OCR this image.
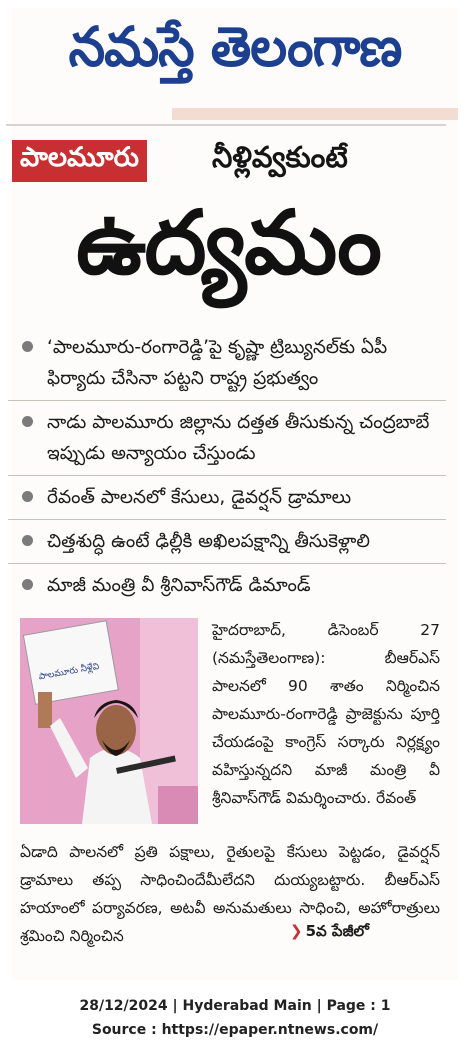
నమస్తే తెలంగాణ
పాలమూరు	నీళ్లివ్వకుంటే
ఉద్యమం
‘పాలమూరు-రంగారెడ్డి’పై కృష్ణా ట్రిబ్యునల్‌కు ఏపీ ఫిర్యాదు చేసినా పట్టని రాష్ట్ర ప్రభుత్వం
నాడు పాలమూరు జిల్లాను దత్తత తీసుకున్న చంద్రబాబే ఇప్పుడు అన్యాయం చేస్తుండు
రేవంత్ పాలనలో కేసులు, డైవర్షన్ డ్రామాలు
చిత్తశుద్ధి ఉంటే ఢిల్లీకి అఖిలపక్షాన్ని తీసుకెళ్లాలి
మాజీ మంత్రి వీ శ్రీనివాస్‌గౌడ్ డిమాండ్
పాలమూరు నీళ్లేవి
హైదరాబాద్, డిసెంబర్ 27 (నమస్తేతెలంగాణ): బీఆర్ఎస్ పాలనలో 90 శాతం నిర్మించిన పాలమూరు-రంగారెడ్డి ప్రాజెక్టును పూర్తి చేయడంపై కాంగ్రెస్ సర్కారు నిర్లక్ష్యం వహిస్తున్నదని మాజీ మంత్రి వీ శ్రీనివాస్‌గౌడ్ విమర్శించారు. రేవంత్
ఏడాది పాలనలో ప్రతి పక్షాలు, రైతులపై కేసులు పెట్టడం, డైవర్షన్ డ్రామాలు తప్ప సాధించిందేమీలేదని దుయ్యబట్టారు. బీఆర్ఎస్ హయాంలో పర్యావరణ, అటవీ అనుమతులు సాధించి, అహోరాత్రులు శ్రమించి నిర్మించిన	❯ 5వ పేజీలో
28/12/2024 | Hyderabad Main | Page : 1
Source : https://epaper.ntnews.com/
